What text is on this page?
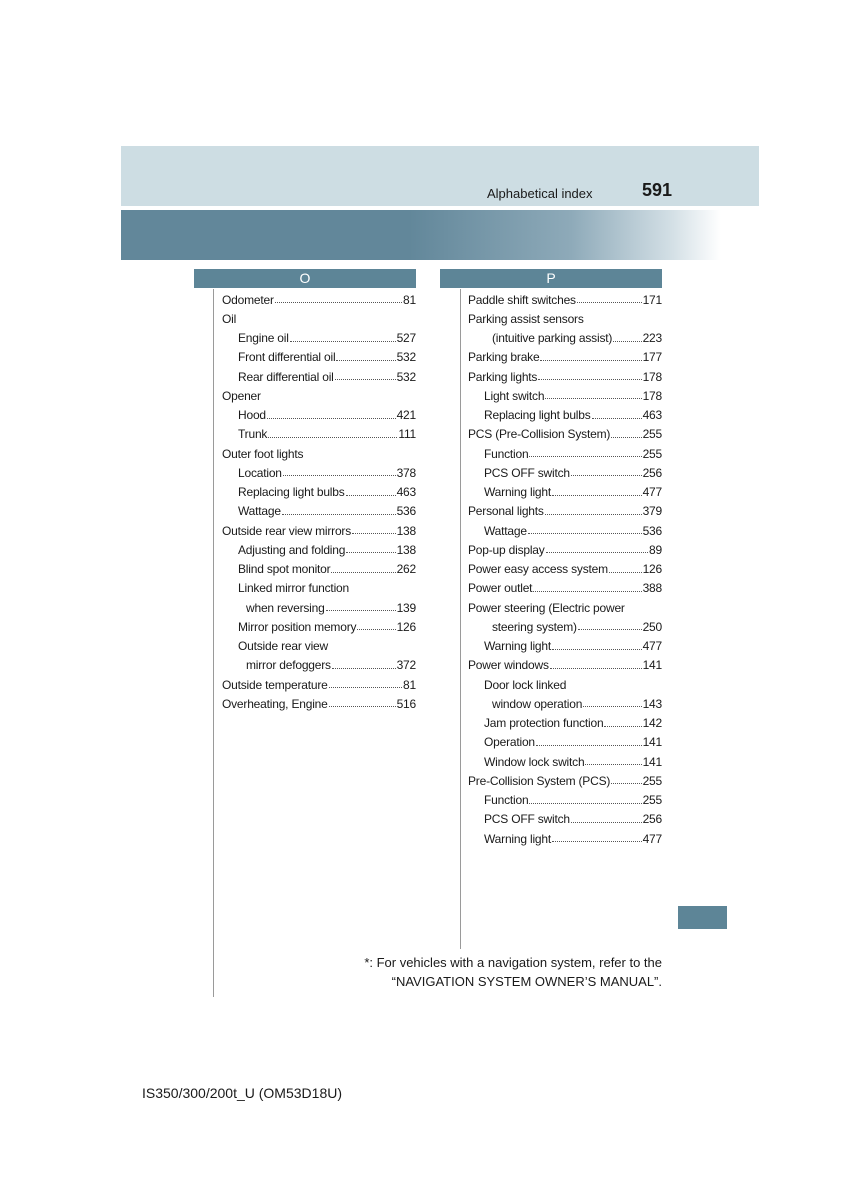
Alphabetical index	591
O	P
Odometer	81
Oil
Engine oil	527
Front differential oil	532
Rear differential oil	532
Opener
Hood	421
Trunk	111
Outer foot lights
Location	378
Replacing light bulbs	463
Wattage	536
Outside rear view mirrors	138
Adjusting and folding	138
Blind spot monitor	262
Linked mirror function
when reversing	139
Mirror position memory	126
Outside rear view
mirror defoggers	372
Outside temperature	81
Overheating, Engine	516
Paddle shift switches	171
Parking assist sensors
(intuitive parking assist)	223
Parking brake	177
Parking lights	178
Light switch	178
Replacing light bulbs	463
PCS (Pre-Collision System)	255
Function	255
PCS OFF switch	256
Warning light	477
Personal lights	379
Wattage	536
Pop-up display	89
Power easy access system	126
Power outlet	388
Power steering (Electric power
steering system)	250
Warning light	477
Power windows	141
Door lock linked
window operation	143
Jam protection function	142
Operation	141
Window lock switch	141
Pre-Collision System (PCS)	255
Function	255
PCS OFF switch	256
Warning light	477
*: For vehicles with a navigation system, refer to the
“NAVIGATION SYSTEM OWNER’S MANUAL”.
IS350/300/200t_U (OM53D18U)
